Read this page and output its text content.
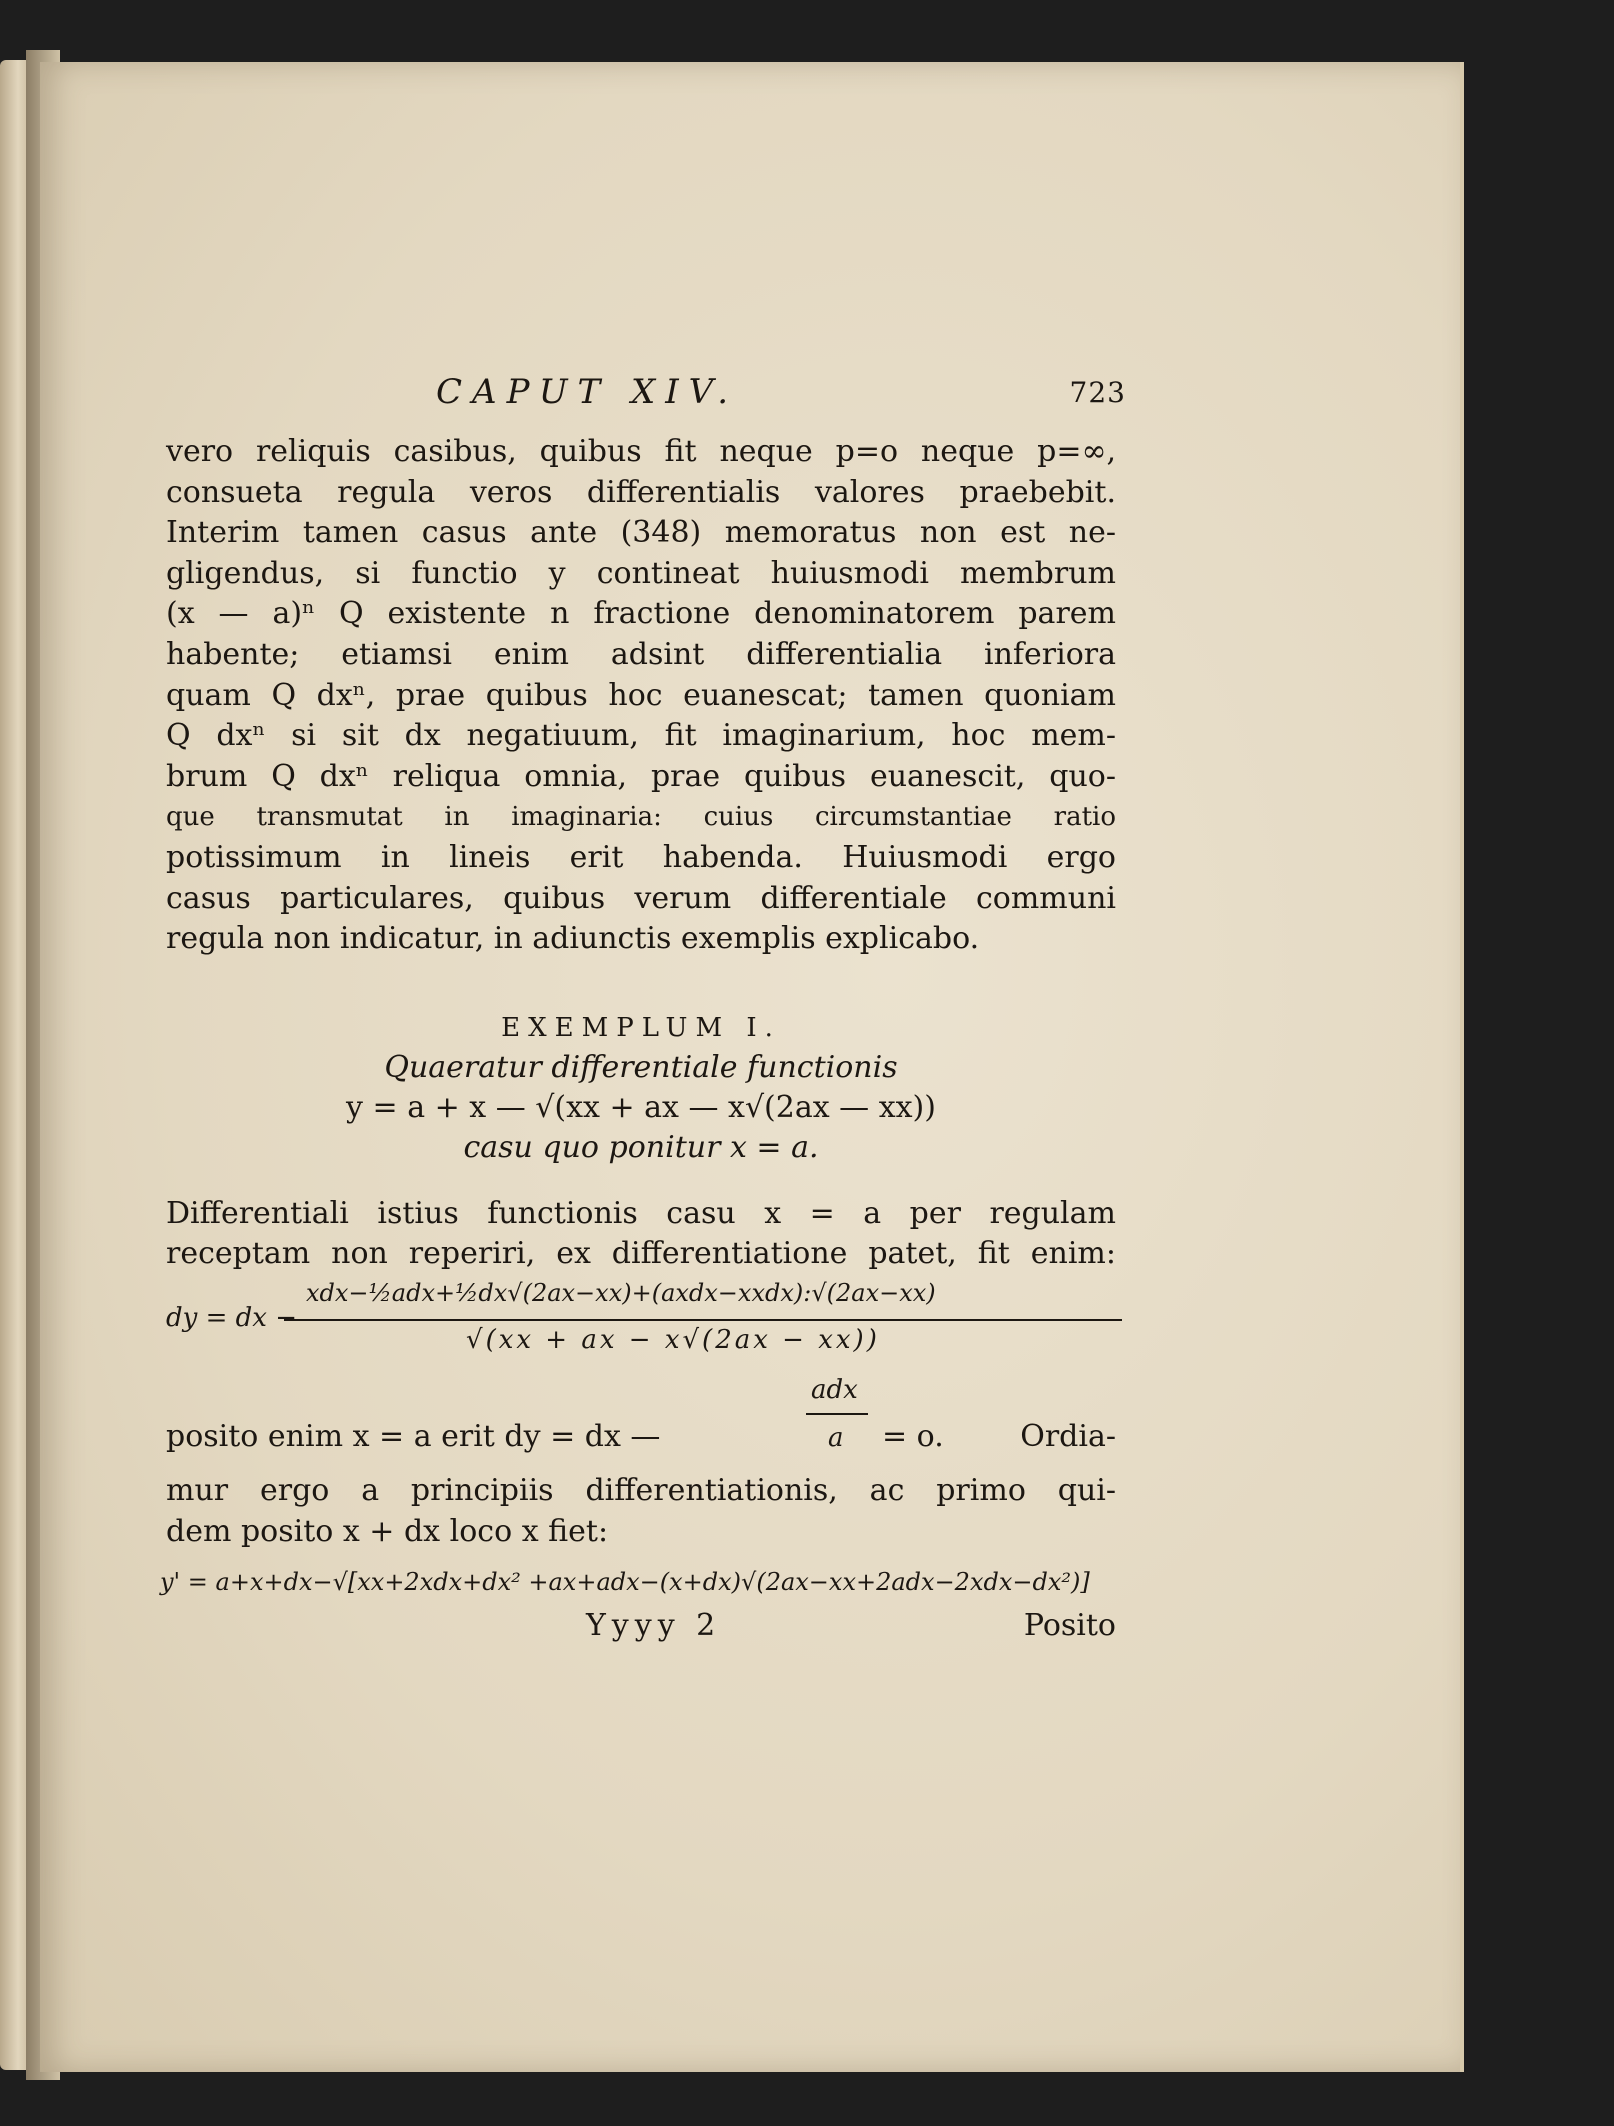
CAPUT XIV.	723
vero reliquis casibus, quibus fit neque p=o neque p=∞,
consueta regula veros differentialis valores praebebit.
Interim tamen casus ante (348) memoratus non est ne-
gligendus, si functio y contineat huiusmodi membrum
(x — a)ⁿ Q existente n fractione denominatorem parem
habente; etiamsi enim adsint differentialia inferiora
quam Q dxⁿ, prae quibus hoc euanescat; tamen quoniam
Q dxⁿ si sit dx negatiuum, fit imaginarium, hoc mem-
brum Q dxⁿ reliqua omnia, prae quibus euanescit, quo-
que transmutat in imaginaria: cuius circumstantiae ratio
potissimum in lineis erit habenda. Huiusmodi ergo
casus particulares, quibus verum differentiale communi
regula non indicatur, in adiunctis exemplis explicabo.
EXEMPLUM I.
Quaeratur differentiale functionis
y = a + x — √(xx + ax — x√(2ax — xx))
casu quo ponitur x = a.
Differentiali istius functionis casu x = a per regulam
receptam non reperiri, ex differentiatione patet, fit enim:
dy = dx −
xdx−½adx+½dx√(2ax−xx)+(axdx−xxdx):√(2ax−xx)
√(xx + ax − x√(2ax − xx))
posito enim x = a erit dy = dx —
adx
a = o.	Ordia-
mur ergo a principiis differentiationis, ac primo qui-
dem posito x + dx loco x fiet:
y' = a+x+dx−√[xx+2xdx+dx² +ax+adx−(x+dx)√(2ax−xx+2adx−2xdx−dx²)]
Yyyy 2	Posito
